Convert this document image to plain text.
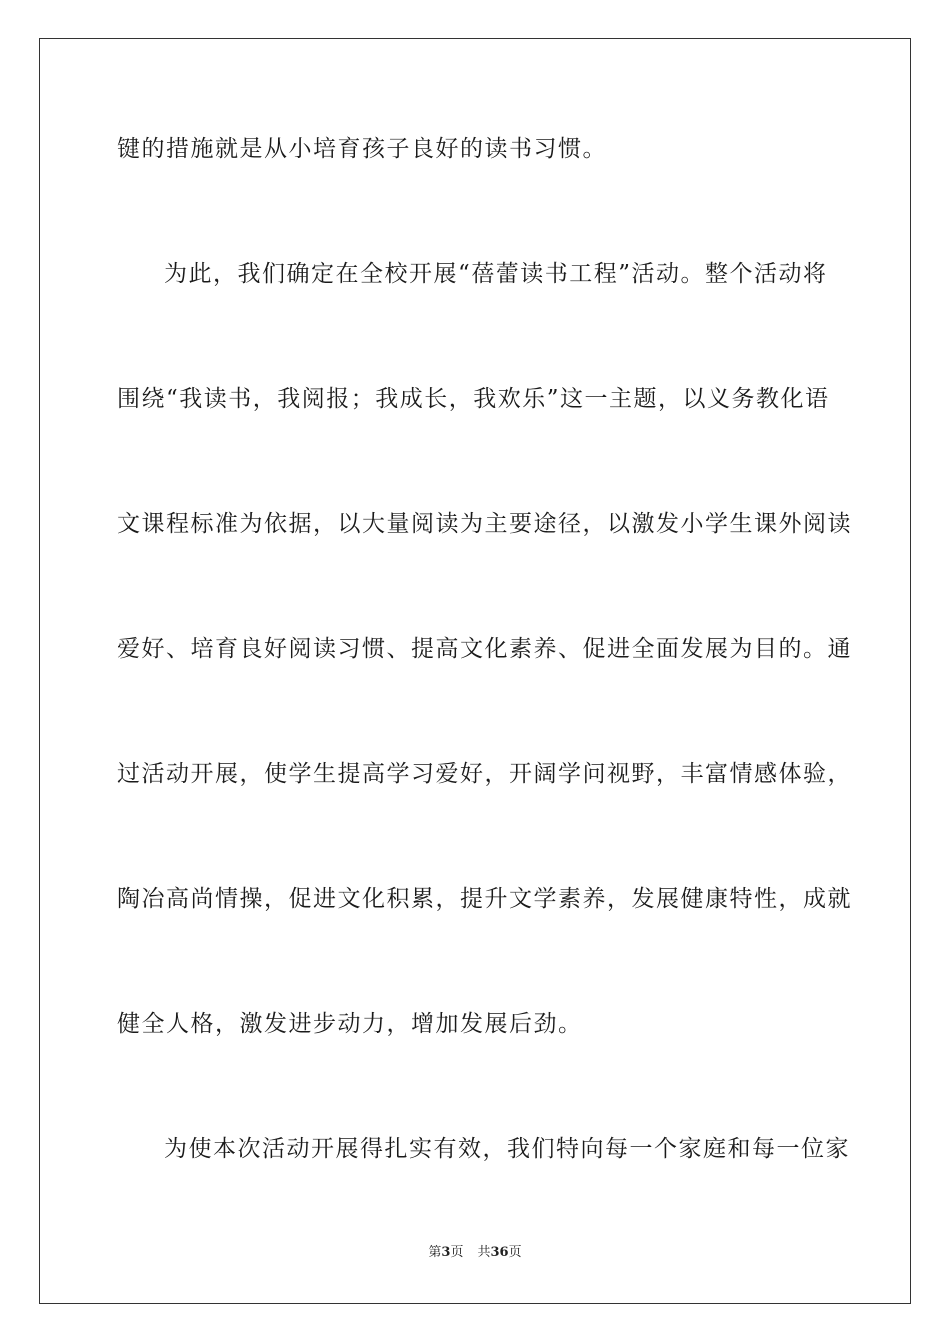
键的措施就是从小培育孩子良好的读书习惯。
为此，我们确定在全校开展“蓓蕾读书工程”活动。整个活动将
围绕“我读书，我阅报；我成长，我欢乐”这一主题，以义务教化语
文课程标准为依据，以大量阅读为主要途径，以激发小学生课外阅读
爱好、培育良好阅读习惯、提高文化素养、促进全面发展为目的。通
过活动开展，使学生提高学习爱好，开阔学问视野，丰富情感体验，
陶冶高尚情操，促进文化积累，提升文学素养，发展健康特性，成就
健全人格，激发进步动力，增加发展后劲。
为使本次活动开展得扎实有效，我们特向每一个家庭和每一位家
第3页 共36页
